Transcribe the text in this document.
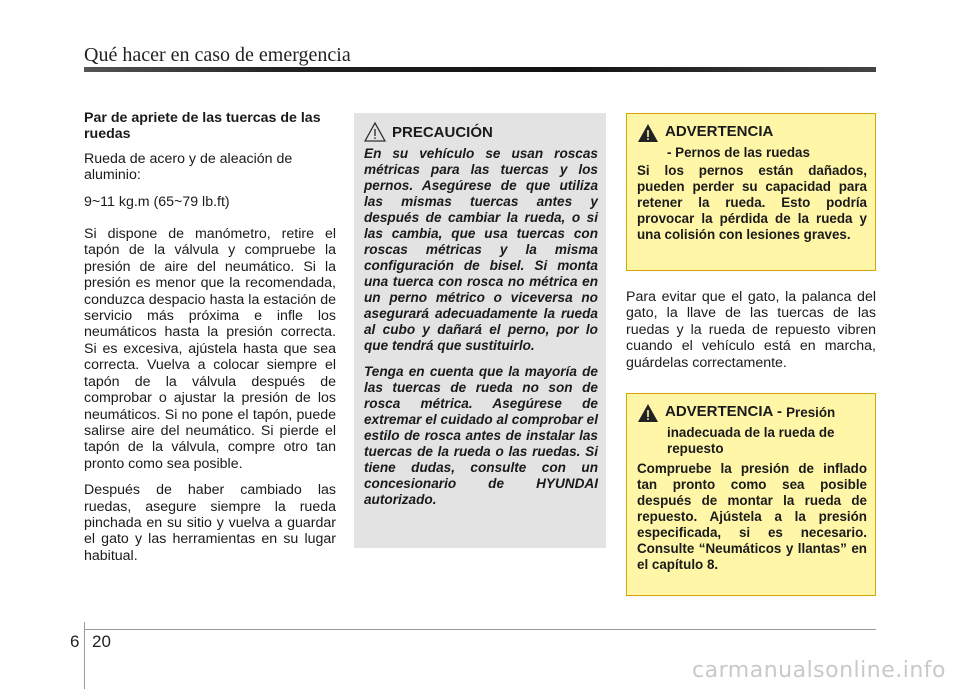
Qué hacer en caso de emergencia

Par de apriete de las tuercas de las ruedas

Rueda de acero y de aleación de aluminio:

9~11 kg.m (65~79 lb.ft)

Si dispone de manómetro, retire el tapón de la válvula y compruebe la presión de aire del neumático. Si la presión es menor que la recomendada, conduzca despacio hasta la estación de servicio más próxima e infle los neumáticos hasta la presión correcta. Si es excesiva, ajústela hasta que sea correcta. Vuelva a colocar siempre el tapón de la válvula después de comprobar o ajustar la presión de los neumáticos. Si no pone el tapón, puede salirse aire del neumático. Si pierde el tapón de la válvula, compre otro tan pronto como sea posible.

Después de haber cambiado las ruedas, asegure siempre la rueda pinchada en su sitio y vuelva a guardar el gato y las herramientas en su lugar habitual.

PRECAUCIÓN

En su vehículo se usan roscas métricas para las tuercas y los pernos. Asegúrese de que utiliza las mismas tuercas antes y después de cambiar la rueda, o si las cambia, que usa tuercas con roscas métricas y la misma configuración de bisel. Si monta una tuerca con rosca no métrica en un perno métrico o viceversa no asegurará adecuadamente la rueda al cubo y dañará el perno, por lo que tendrá que sustituirlo.

Tenga en cuenta que la mayoría de las tuercas de rueda no son de rosca métrica. Asegúrese de extremar el cuidado al comprobar el estilo de rosca antes de instalar las tuercas de la rueda o las ruedas. Si tiene dudas, consulte con un concesionario de HYUNDAI autorizado.

ADVERTENCIA

- Pernos de las ruedas

Si los pernos están dañados, pueden perder su capacidad para retener la rueda. Esto podría provocar la pérdida de la rueda y una colisión con lesiones graves.

Para evitar que el gato, la palanca del gato, la llave de las tuercas de las ruedas y la rueda de repuesto vibren cuando el vehículo está en marcha, guárdelas correctamente.

ADVERTENCIA -
Presión

inadecuada de la rueda de repuesto

Compruebe la presión de inflado tan pronto como sea posible después de montar la rueda de repuesto. Ajústela a la presión especificada, si es necesario. Consulte “Neumáticos y llantas” en el capítulo 8.

6 20
carmanualsonline.info
